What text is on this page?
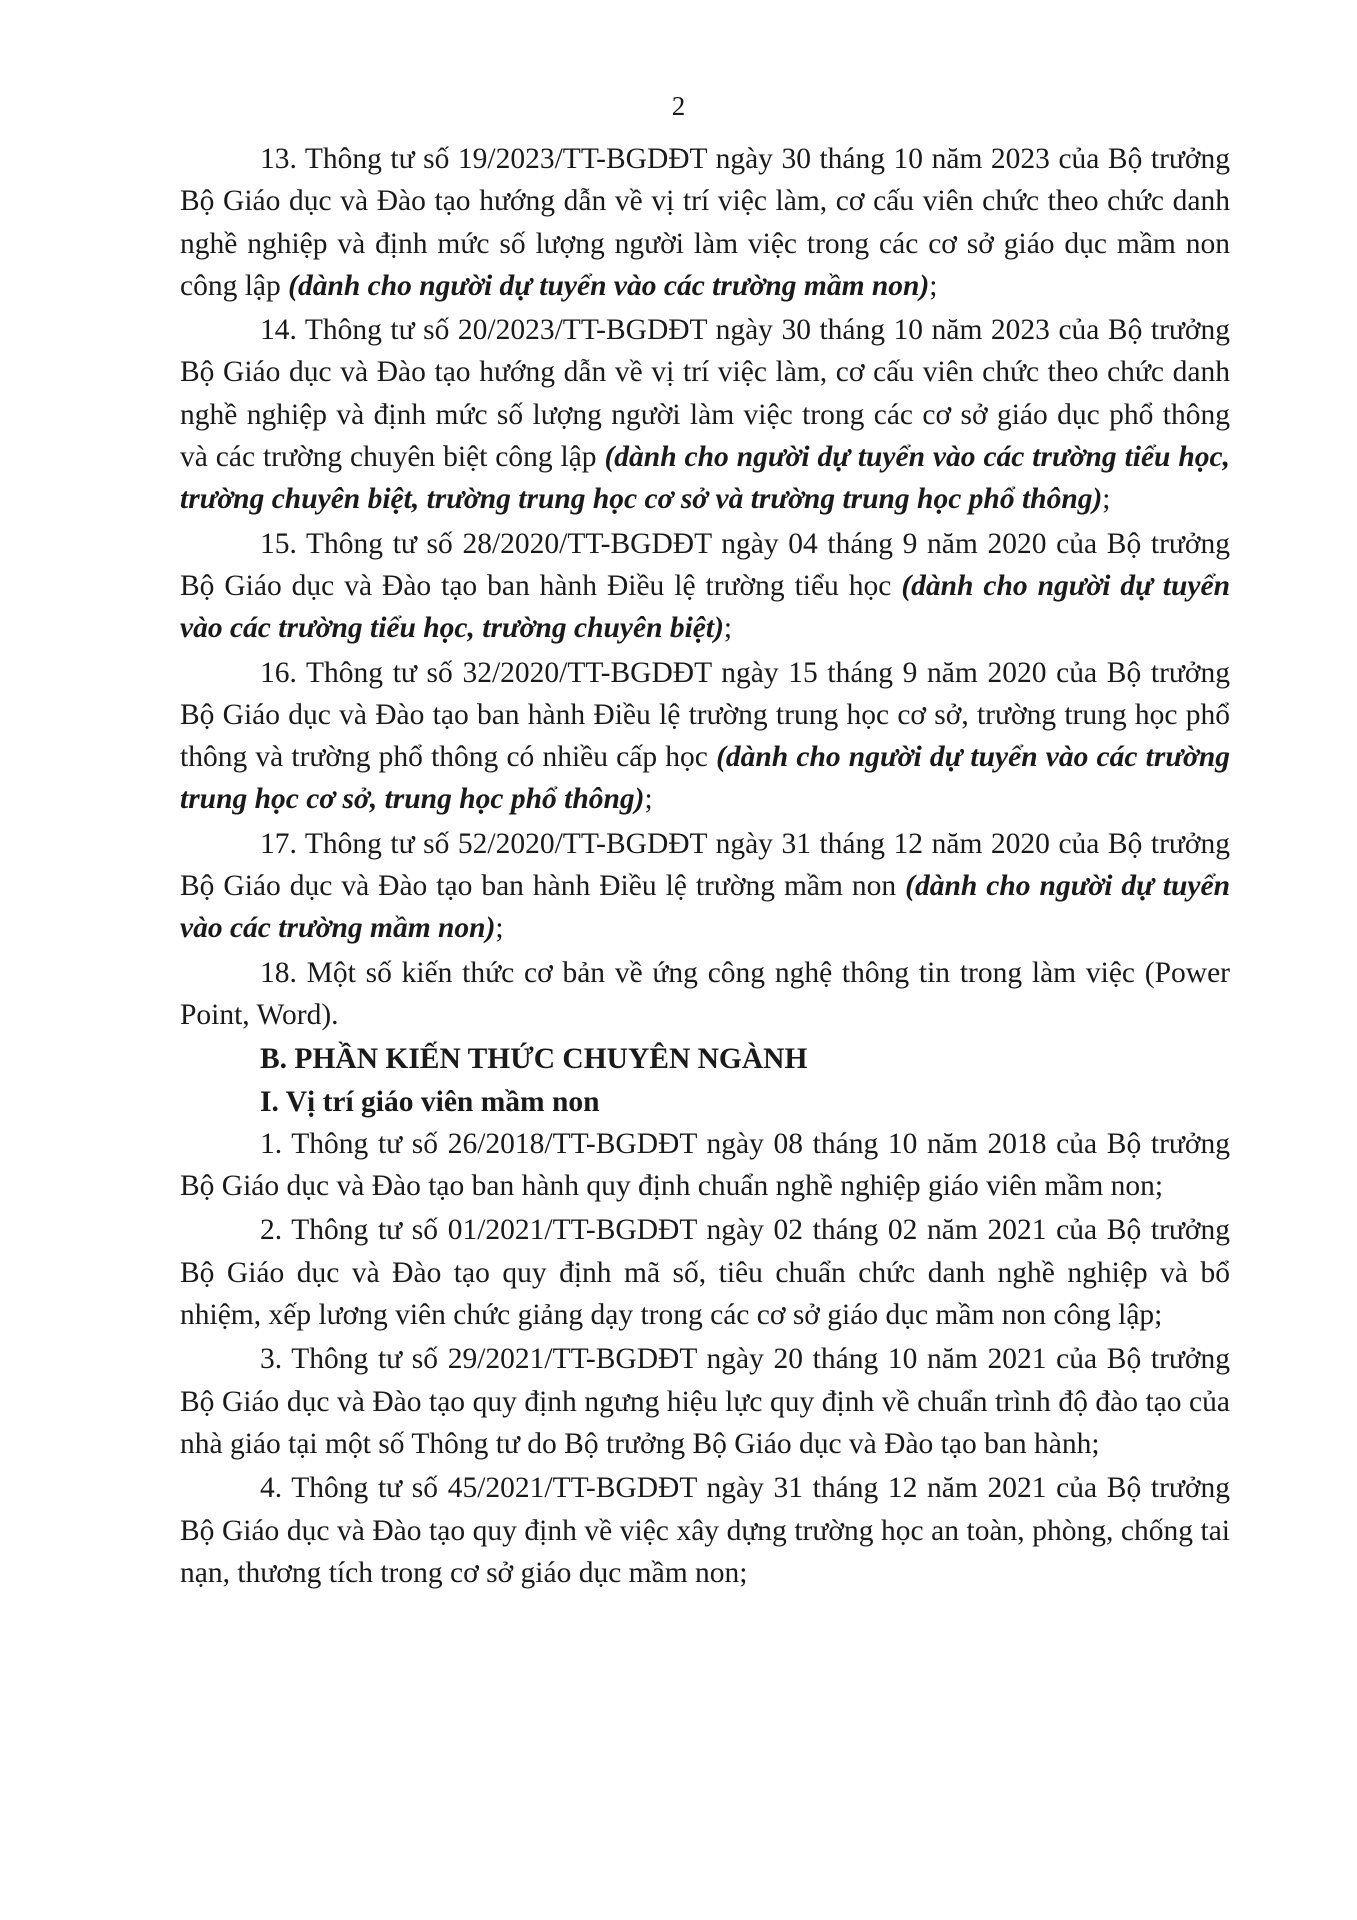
2
13. Thông tư số 19/2023/TT-BGDĐT ngày 30 tháng 10 năm 2023 của Bộ trưởng Bộ Giáo dục và Đào tạo hướng dẫn về vị trí việc làm, cơ cấu viên chức theo chức danh nghề nghiệp và định mức số lượng người làm việc trong các cơ sở giáo dục mầm non công lập (dành cho người dự tuyển vào các trường mầm non);
14. Thông tư số 20/2023/TT-BGDĐT ngày 30 tháng 10 năm 2023 của Bộ trưởng Bộ Giáo dục và Đào tạo hướng dẫn về vị trí việc làm, cơ cấu viên chức theo chức danh nghề nghiệp và định mức số lượng người làm việc trong các cơ sở giáo dục phổ thông và các trường chuyên biệt công lập (dành cho người dự tuyển vào các trường tiểu học, trường chuyên biệt, trường trung học cơ sở và trường trung học phổ thông);
15. Thông tư số 28/2020/TT-BGDĐT ngày 04 tháng 9 năm 2020 của Bộ trưởng Bộ Giáo dục và Đào tạo ban hành Điều lệ trường tiểu học (dành cho người dự tuyển vào các trường tiểu học, trường chuyên biệt);
16. Thông tư số 32/2020/TT-BGDĐT ngày 15 tháng 9 năm 2020 của Bộ trưởng Bộ Giáo dục và Đào tạo ban hành Điều lệ trường trung học cơ sở, trường trung học phổ thông và trường phổ thông có nhiều cấp học (dành cho người dự tuyển vào các trường trung học cơ sở, trung học phổ thông);
17. Thông tư số 52/2020/TT-BGDĐT ngày 31 tháng 12 năm 2020 của Bộ trưởng Bộ Giáo dục và Đào tạo ban hành Điều lệ trường mầm non (dành cho người dự tuyển vào các trường mầm non);
18. Một số kiến thức cơ bản về ứng công nghệ thông tin trong làm việc (Power Point, Word).
B. PHẦN KIẾN THỨC CHUYÊN NGÀNH
I. Vị trí giáo viên mầm non
1. Thông tư số 26/2018/TT-BGDĐT ngày 08 tháng 10 năm 2018 của Bộ trưởng Bộ Giáo dục và Đào tạo ban hành quy định chuẩn nghề nghiệp giáo viên mầm non;
2. Thông tư số 01/2021/TT-BGDĐT ngày 02 tháng 02 năm 2021 của Bộ trưởng Bộ Giáo dục và Đào tạo quy định mã số, tiêu chuẩn chức danh nghề nghiệp và bổ nhiệm, xếp lương viên chức giảng dạy trong các cơ sở giáo dục mầm non công lập;
3. Thông tư số 29/2021/TT-BGDĐT ngày 20 tháng 10 năm 2021 của Bộ trưởng Bộ Giáo dục và Đào tạo quy định ngưng hiệu lực quy định về chuẩn trình độ đào tạo của nhà giáo tại một số Thông tư do Bộ trưởng Bộ Giáo dục và Đào tạo ban hành;
4. Thông tư số 45/2021/TT-BGDĐT ngày 31 tháng 12 năm 2021 của Bộ trưởng Bộ Giáo dục và Đào tạo quy định về việc xây dựng trường học an toàn, phòng, chống tai nạn, thương tích trong cơ sở giáo dục mầm non;
